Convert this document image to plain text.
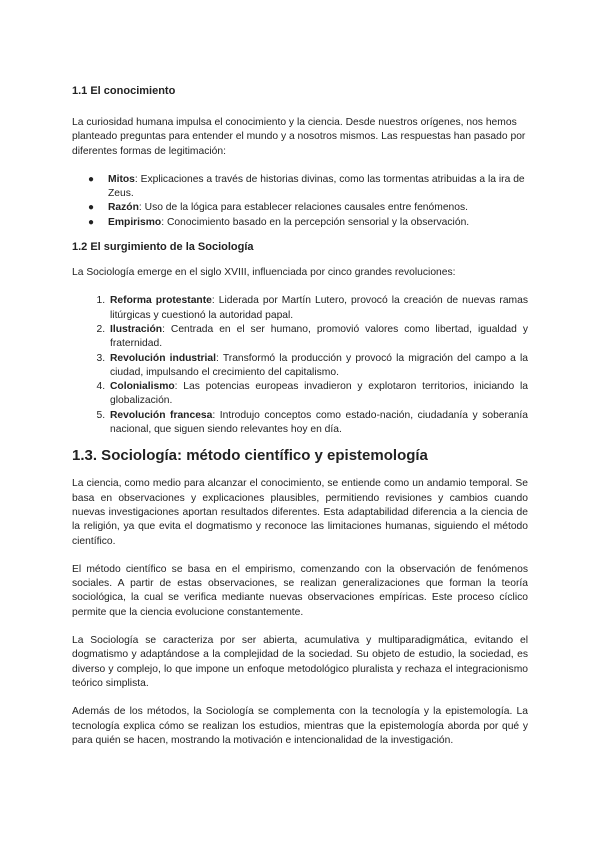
1.1 El conocimiento

La curiosidad humana impulsa el conocimiento y la ciencia. Desde nuestros orígenes, nos hemos planteado preguntas para entender el mundo y a nosotros mismos. Las respuestas han pasado por diferentes formas de legitimación:

● Mitos: Explicaciones a través de historias divinas, como las tormentas atribuidas a la ira de Zeus.
● Razón: Uso de la lógica para establecer relaciones causales entre fenómenos.
● Empirismo: Conocimiento basado en la percepción sensorial y la observación.
1.2 El surgimiento de la Sociología

La Sociología emerge en el siglo XVIII, influenciada por cinco grandes revoluciones:

1. Reforma protestante: Liderada por Martín Lutero, provocó la creación de nuevas ramas litúrgicas y cuestionó la autoridad papal.
2. Ilustración: Centrada en el ser humano, promovió valores como libertad, igualdad y fraternidad.
3. Revolución industrial: Transformó la producción y provocó la migración del campo a la ciudad, impulsando el crecimiento del capitalismo.
4. Colonialismo: Las potencias europeas invadieron y explotaron territorios, iniciando la globalización.
5. Revolución francesa: Introdujo conceptos como estado-nación, ciudadanía y soberanía nacional, que siguen siendo relevantes hoy en día.
1.3. Sociología: método científico y epistemología

La ciencia, como medio para alcanzar el conocimiento, se entiende como un andamio temporal. Se basa en observaciones y explicaciones plausibles, permitiendo revisiones y cambios cuando nuevas investigaciones aportan resultados diferentes. Esta adaptabilidad diferencia a la ciencia de la religión, ya que evita el dogmatismo y reconoce las limitaciones humanas, siguiendo el método científico.

El método científico se basa en el empirismo, comenzando con la observación de fenómenos sociales. A partir de estas observaciones, se realizan generalizaciones que forman la teoría sociológica, la cual se verifica mediante nuevas observaciones empíricas. Este proceso cíclico permite que la ciencia evolucione constantemente.

La Sociología se caracteriza por ser abierta, acumulativa y multiparadigmática, evitando el dogmatismo y adaptándose a la complejidad de la sociedad. Su objeto de estudio, la sociedad, es diverso y complejo, lo que impone un enfoque metodológico pluralista y rechaza el integracionismo teórico simplista.

Además de los métodos, la Sociología se complementa con la tecnología y la epistemología. La tecnología explica cómo se realizan los estudios, mientras que la epistemología aborda por qué y para quién se hacen, mostrando la motivación e intencionalidad de la investigación.
